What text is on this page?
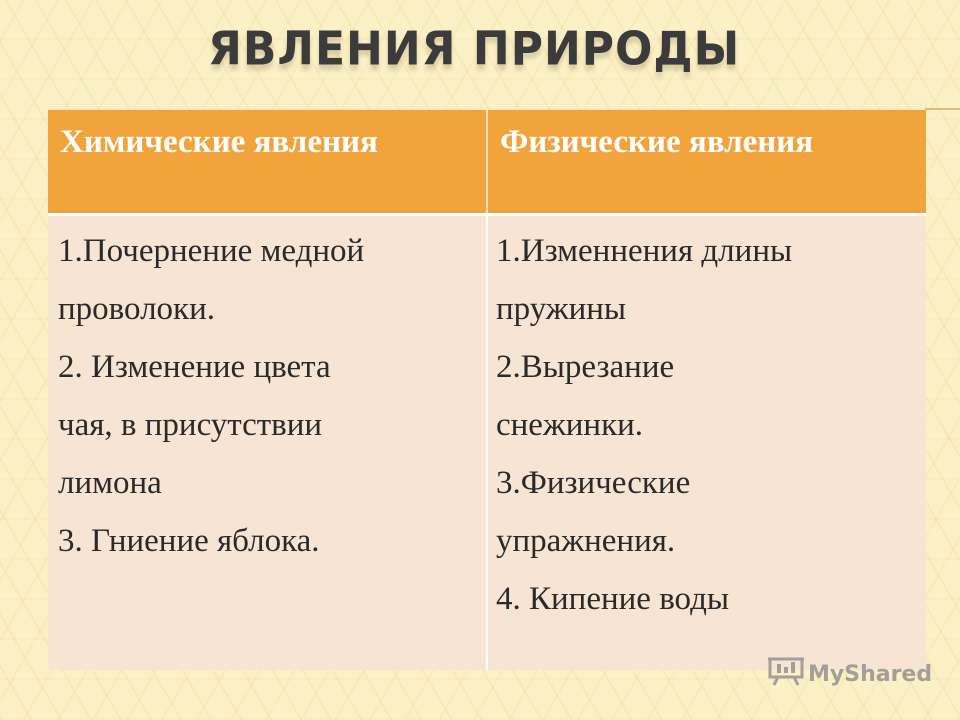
ЯВЛЕНИЯ ПРИРОДЫ
Химические явления	Физические явления
1.Почернение медной
проволоки.
2. Изменение цвета
чая, в присутствии
лимона
3. Гниение яблока.
1.Изменнения длины
пружины
2.Вырезание
снежинки.
3.Физические
упражнения.
4. Кипение воды
MyShared
